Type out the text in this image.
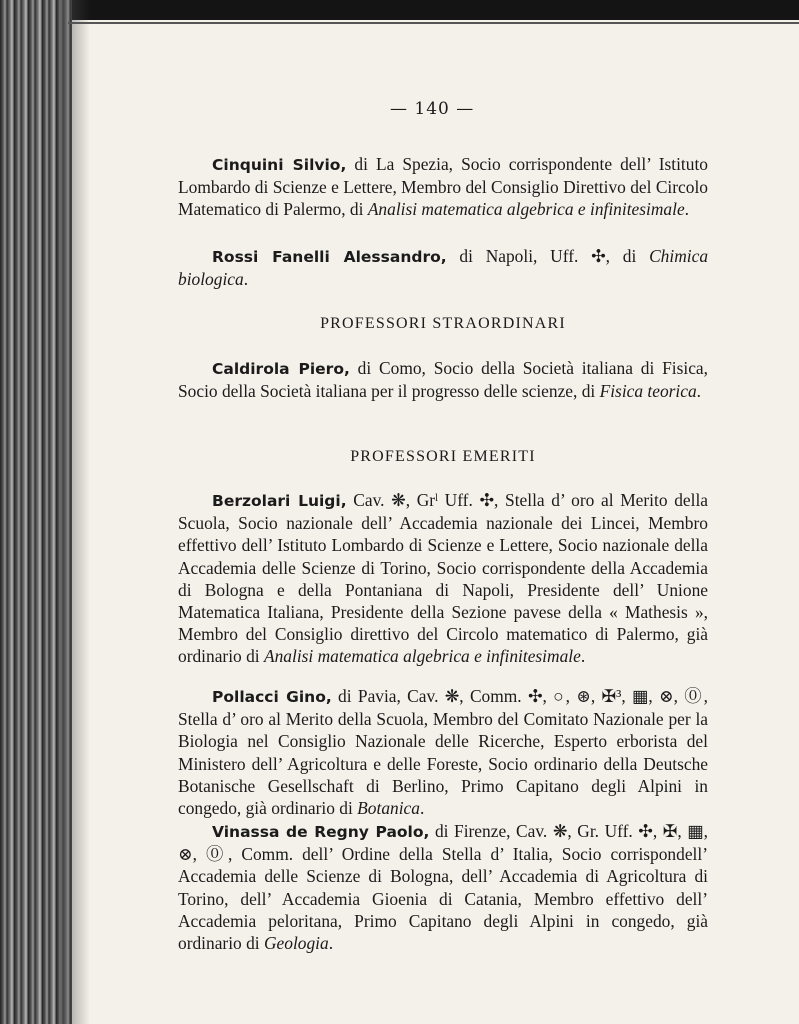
— 140 —
Cinquini Silvio, di La Spezia, Socio corrispondente dell’ Istituto Lombardo di Scienze e Lettere, Membro del Consiglio Direttivo del Circolo Matematico di Palermo, di Analisi matematica algebrica e infinitesimale.
Rossi Fanelli Alessandro, di Napoli, Uff. ✣, di Chimica biologica.
PROFESSORI STRAORDINARI
Caldirola Piero, di Como, Socio della Società italiana di Fisica, Socio della Società italiana per il progresso delle scienze, di Fisica teorica.
PROFESSORI EMERITI
Berzolari Luigi, Cav. ❋, Grˡ Uff. ✣, Stella d’ oro al Merito della Scuola, Socio nazionale dell’ Accademia nazionale dei Lincei, Membro effettivo dell’ Istituto Lombardo di Scienze e Lettere, Socio nazionale della Accademia delle Scienze di Torino, Socio corrispondente della Accademia di Bologna e della Pontaniana di Napoli, Presidente dell’ Unione Matematica Italiana, Presidente della Sezione pavese della « Mathesis », Membro del Consiglio direttivo del Circolo matematico di Palermo, già ordinario di Analisi matematica algebrica e infinitesimale.
Pollacci Gino, di Pavia, Cav. ❋, Comm. ✣, ○, ⊛, ✠³, ▦, ⊗, ⓪, Stella d’ oro al Merito della Scuola, Membro del Comitato Nazionale per la Biologia nel Consiglio Nazionale delle Ricerche, Esperto erborista del Ministero dell’ Agricoltura e delle Foreste, Socio ordinario della Deutsche Botanische Gesellschaft di Berlino, Primo Capitano degli Alpini in congedo, già ordinario di Botanica.
Vinassa de Regny Paolo, di Firenze, Cav. ❋, Gr. Uff. ✣, ✠, ▦, ⊗, ⓪, Comm. dell’ Ordine della Stella d’ Italia, Socio corrispondell’ Accademia delle Scienze di Bologna, dell’ Accademia di Agricoltura di Torino, dell’ Accademia Gioenia di Catania, Membro effettivo dell’ Accademia peloritana, Primo Capitano degli Alpini in congedo, già ordinario di Geologia.
